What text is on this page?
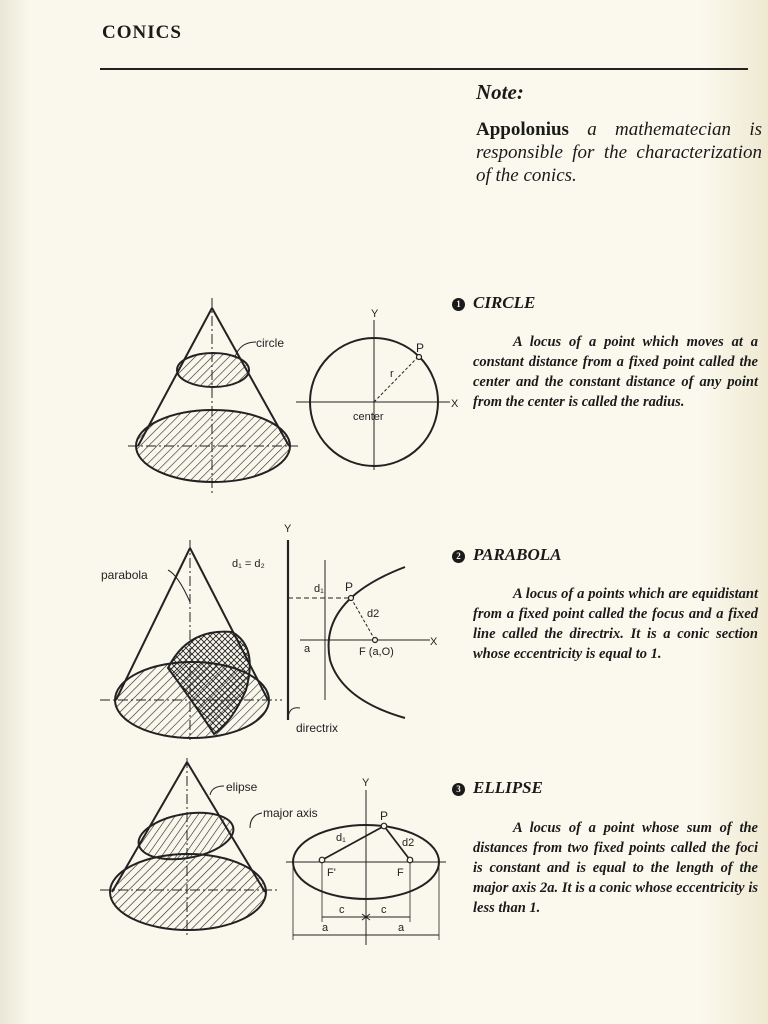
CONICS
Note:
Appolonius a mathematecian is responsible for the characterization of the conics.
1 CIRCLE
A locus of a point which moves at a constant distance from a fixed point called the center and the constant distance of any point from the center is called the radius.
2 PARABOLA
A locus of a points which are equidistant from a fixed point called the focus and a fixed line called the directrix. It is a conic section whose eccentricity is equal to 1.
3 ELLIPSE
A locus of a point whose sum of the distances from two fixed points called the foci is constant and is equal to the length of the major axis 2a. It is a conic whose eccentricity is less than 1.
circle
Y
X
P
r
center
parabola
d₁ = d₂
Y
X
d₁ P
d2
a	F (a,O)
directrix
elipse
major axis
Y
P
d₁	d2
F'	F
c	c
a	a
